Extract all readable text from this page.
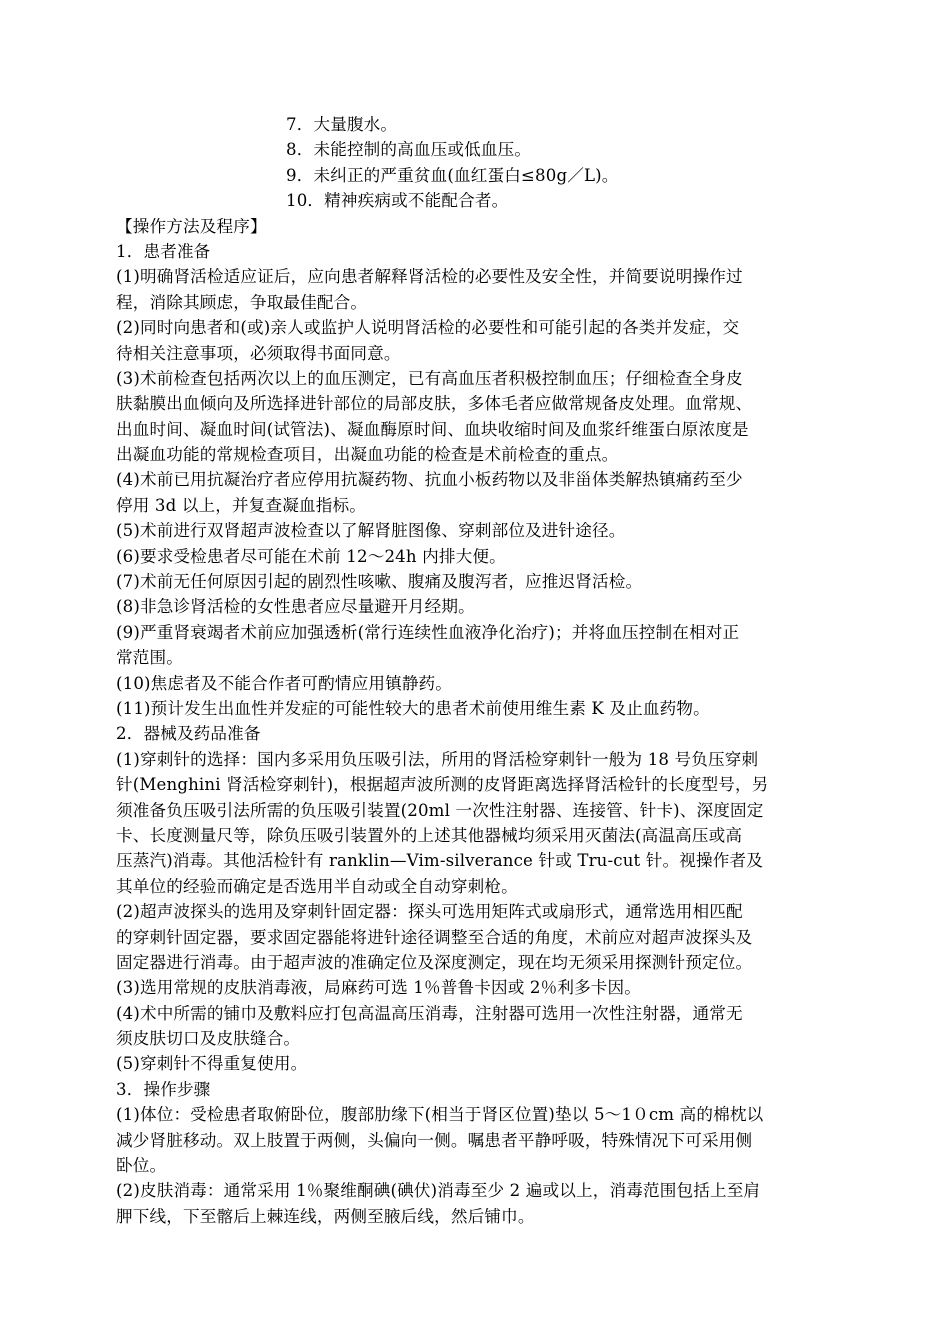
7．大量腹水。
8．未能控制的高血压或低血压。
9．未纠正的严重贫血(血红蛋白≤80g／L)。
10．精神疾病或不能配合者。
【操作方法及程序】
1．患者准备
(1)明确肾活检适应证后，应向患者解释肾活检的必要性及安全性，并简要说明操作过
程，消除其顾虑，争取最佳配合。
(2)同时向患者和(或)亲人或监护人说明肾活检的必要性和可能引起的各类并发症，交
待相关注意事项，必须取得书面同意。
(3)术前检查包括两次以上的血压测定，已有高血压者积极控制血压；仔细检查全身皮
肤黏膜出血倾向及所选择进针部位的局部皮肤，多体毛者应做常规备皮处理。血常规、
出血时间、凝血时间(试管法)、凝血酶原时间、血块收缩时间及血浆纤维蛋白原浓度是
出凝血功能的常规检查项目，出凝血功能的检查是术前检查的重点。
(4)术前已用抗凝治疗者应停用抗凝药物、抗血小板药物以及非甾体类解热镇痛药至少
停用 3d 以上，并复查凝血指标。
(5)术前进行双肾超声波检查以了解肾脏图像、穿刺部位及进针途径。
(6)要求受检患者尽可能在术前 12～24h 内排大便。
(7)术前无任何原因引起的剧烈性咳嗽、腹痛及腹泻者，应推迟肾活检。
(8)非急诊肾活检的女性患者应尽量避开月经期。
(9)严重肾衰竭者术前应加强透析(常行连续性血液净化治疗)；并将血压控制在相对正
常范围。
(10)焦虑者及不能合作者可酌情应用镇静药。
(11)预计发生出血性并发症的可能性较大的患者术前使用维生素 K 及止血药物。
2．器械及药品准备
(1)穿刺针的选择：国内多采用负压吸引法，所用的肾活检穿刺针一般为 18 号负压穿刺
针(Menghini 肾活检穿刺针)，根据超声波所测的皮肾距离选择肾活检针的长度型号，另
须准备负压吸引法所需的负压吸引装置(20ml 一次性注射器、连接管、针卡)、深度固定
卡、长度测量尺等，除负压吸引装置外的上述其他器械均须采用灭菌法(高温高压或高
压蒸汽)消毒。其他活检针有 ranklin—Vim-silverance 针或 Tru-cut 针。视操作者及
其单位的经验而确定是否选用半自动或全自动穿刺枪。
(2)超声波探头的选用及穿刺针固定器：探头可选用矩阵式或扇形式，通常选用相匹配
的穿刺针固定器，要求固定器能将进针途径调整至合适的角度，术前应对超声波探头及
固定器进行消毒。由于超声波的准确定位及深度测定，现在均无须采用探测针预定位。
(3)选用常规的皮肤消毒液，局麻药可选 1％普鲁卡因或 2％利多卡因。
(4)术中所需的铺巾及敷料应打包高温高压消毒，注射器可选用一次性注射器，通常无
须皮肤切口及皮肤缝合。
(5)穿刺针不得重复使用。
3．操作步骤
(1)体位：受检患者取俯卧位，腹部肋缘下(相当于肾区位置)垫以 5～1０cm 高的棉枕以
减少肾脏移动。双上肢置于两侧，头偏向一侧。嘱患者平静呼吸，特殊情况下可采用侧
卧位。
(2)皮肤消毒：通常采用 1％聚维酮碘(碘伏)消毒至少 2 遍或以上，消毒范围包括上至肩
胛下线，下至髂后上棘连线，两侧至腋后线，然后铺巾。
